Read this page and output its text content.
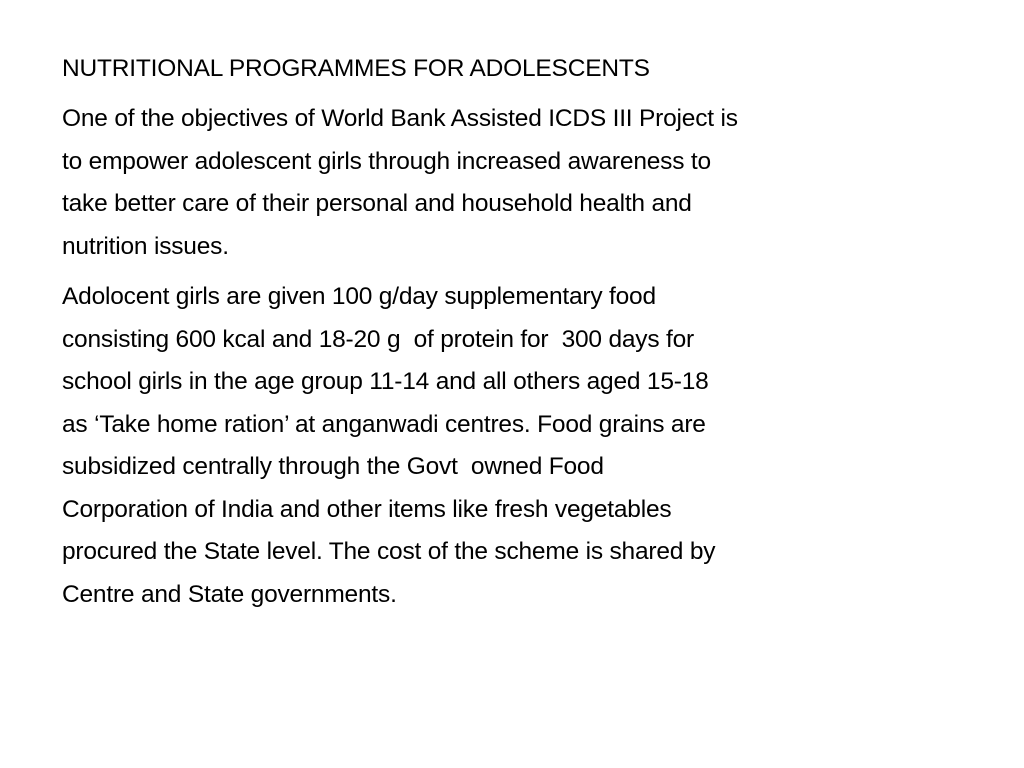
NUTRITIONAL PROGRAMMES FOR ADOLESCENTS
One of the objectives of World Bank Assisted ICDS III Project is
to empower adolescent girls through increased awareness to
take better care of their personal and household health and
nutrition issues.
Adolocent girls are given 100 g/day supplementary food
consisting 600 kcal and 18-20 g  of protein for  300 days for
school girls in the age group 11-14 and all others aged 15-18
as ‘Take home ration’ at anganwadi centres. Food grains are
subsidized centrally through the Govt  owned Food
Corporation of India and other items like fresh vegetables
procured the State level. The cost of the scheme is shared by
Centre and State governments.
